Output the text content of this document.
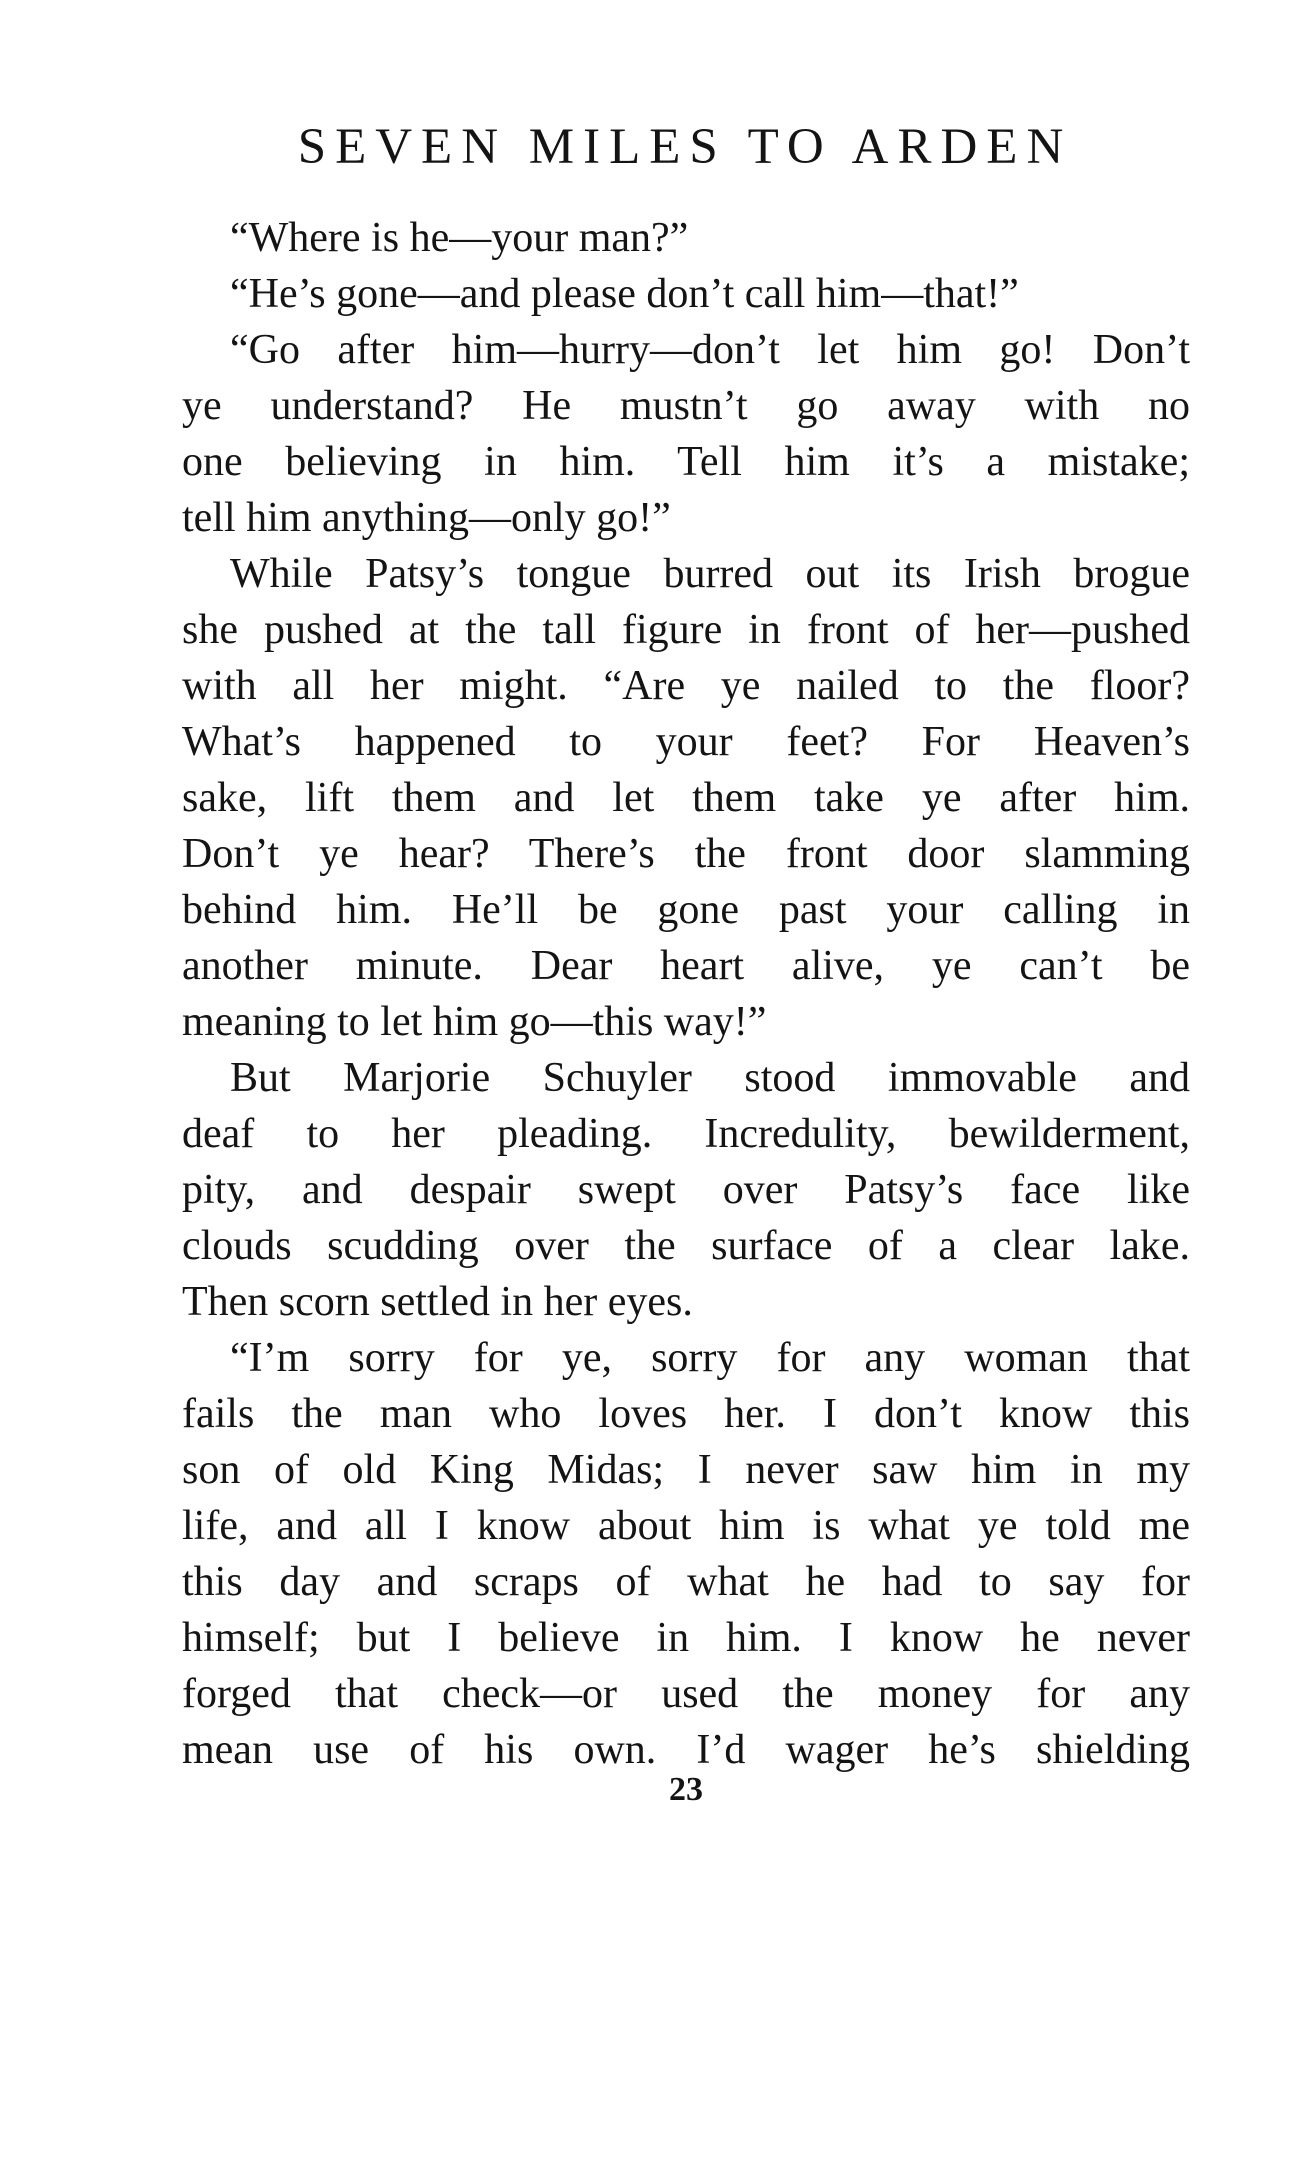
SEVEN MILES TO ARDEN
“Where is he—your man?”
“He’s gone—and please don’t call him—that!”
“Go after him—hurry—don’t let him go! Don’t
ye understand? He mustn’t go away with no
one believing in him. Tell him it’s a mistake;
tell him anything—only go!”
While Patsy’s tongue burred out its Irish brogue
she pushed at the tall figure in front of her—pushed
with all her might. “Are ye nailed to the floor?
What’s happened to your feet? For Heaven’s
sake, lift them and let them take ye after him.
Don’t ye hear? There’s the front door slamming
behind him. He’ll be gone past your calling in
another minute. Dear heart alive, ye can’t be
meaning to let him go—this way!”
But Marjorie Schuyler stood immovable and
deaf to her pleading. Incredulity, bewilderment,
pity, and despair swept over Patsy’s face like
clouds scudding over the surface of a clear lake.
Then scorn settled in her eyes.
“I’m sorry for ye, sorry for any woman that
fails the man who loves her. I don’t know this
son of old King Midas; I never saw him in my
life, and all I know about him is what ye told me
this day and scraps of what he had to say for
himself; but I believe in him. I know he never
forged that check—or used the money for any
mean use of his own. I’d wager he’s shielding
23
